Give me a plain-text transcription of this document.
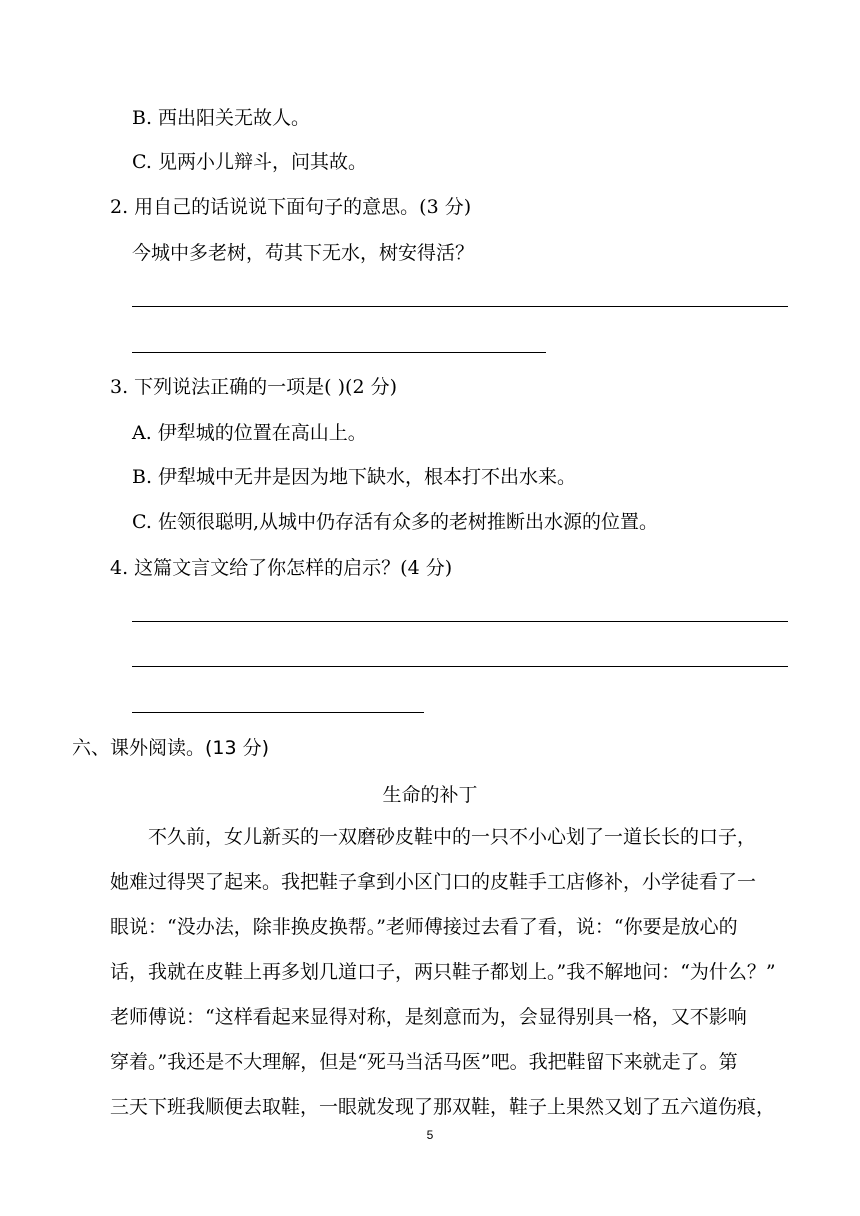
B. 西出阳关无故人。
C. 见两小儿辩斗，问其故。
2. 用自己的话说说下面句子的意思。(3 分)
今城中多老树，苟其下无水，树安得活？
3. 下列说法正确的一项是( )(2 分)
A. 伊犁城的位置在高山上。
B. 伊犁城中无井是因为地下缺水，根本打不出水来。
C. 佐领很聪明,从城中仍存活有众多的老树推断出水源的位置。
4. 这篇文言文给了你怎样的启示？(4 分)
六、课外阅读。(13 分)
生命的补丁
　　不久前，女儿新买的一双磨砂皮鞋中的一只不小心划了一道长长的口子，
她难过得哭了起来。我把鞋子拿到小区门口的皮鞋手工店修补，小学徒看了一
眼说：“没办法，除非换皮换帮。”老师傅接过去看了看，说：“你要是放心的
话，我就在皮鞋上再多划几道口子，两只鞋子都划上。”我不解地问：“为什么？”
老师傅说：“这样看起来显得对称，是刻意而为，会显得别具一格，又不影响
穿着。”我还是不大理解，但是“死马当活马医”吧。我把鞋留下来就走了。第
三天下班我顺便去取鞋，一眼就发现了那双鞋，鞋子上果然又划了五六道伤痕，
5
